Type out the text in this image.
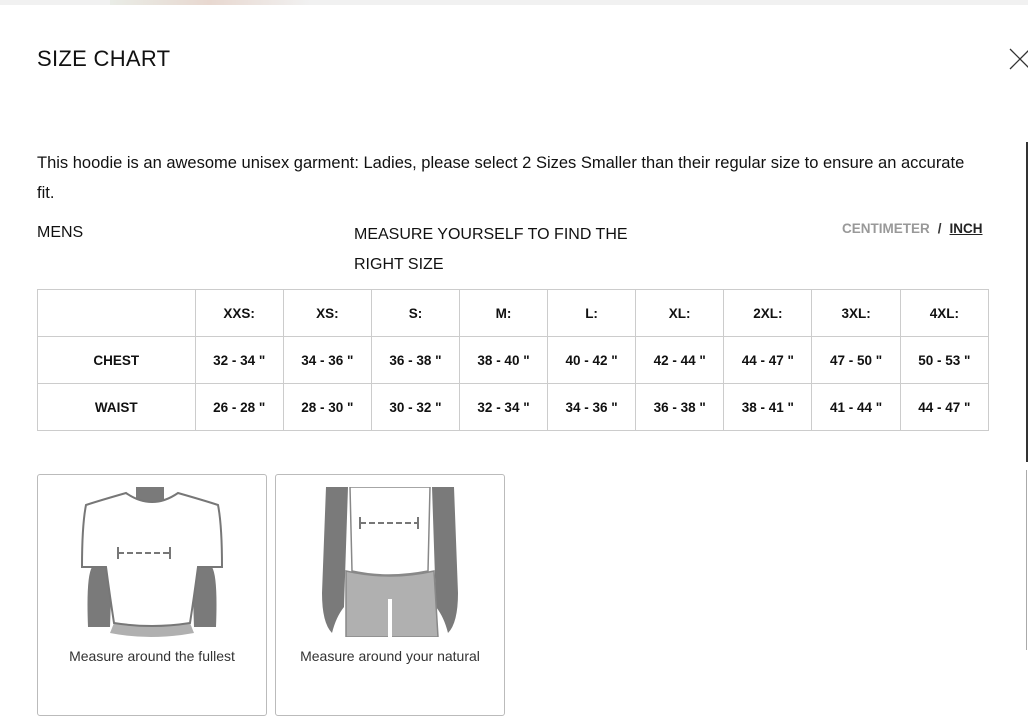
SIZE CHART
This hoodie is an awesome unisex garment: Ladies, please select 2 Sizes Smaller than their regular size to ensure an accurate fit.
MENS	MEASURE YOURSELF TO FIND THE RIGHT SIZE
CENTIMETER / INCH
	XXS:	XS:	S:	M:	L:	XL:	2XL:	3XL:	4XL:
CHEST	32 - 34 "	34 - 36 "	36 - 38 "	38 - 40 "	40 - 42 "	42 - 44 "	44 - 47 "	47 - 50 "	50 - 53 "
WAIST	26 - 28 "	28 - 30 "	30 - 32 "	32 - 34 "	34 - 36 "	36 - 38 "	38 - 41 "	41 - 44 "	44 - 47 "
Measure around the fullest	Measure around your natural
